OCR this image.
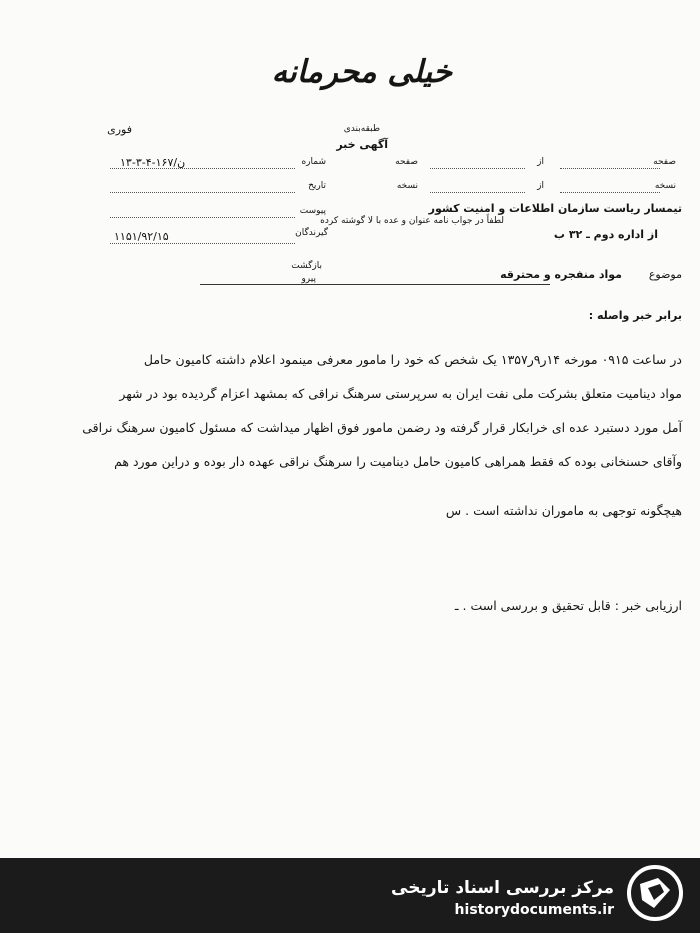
خیلی محرمانه
طبقه‌بندی
فوری
آگهی خبر
صفحه
از
صفحه
شماره
ن/۱۶۷-۴-۳-۱۳
نسخه
از
نسخه
تاریخ
تیمسار ریاست سازمان اطلاعات و امنیت کشور
لطفاً در جواب نامه عنوان و عده با لا گوشته کرده
از اداره دوم ـ ۳۲ ب
پیوست
گیرندگان
۱۱۵۱/۹۲/۱۵
بازگشت
پیرو	موضوع
مواد منفجره و محترقه
برابر خبر واصله :
در ساعت ۰۹۱۵ مورخه ۱۴ر۹ر۱۳۵۷ یک شخص که خود را مامور معرفی مینمود اعلام داشته کامیون حامل
مواد دینامیت متعلق بشرکت ملی نفت ایران به سرپرستی سرهنگ نراقی که بمشهد اعزام گردیده بود در شهر
آمل مورد دستبرد عده ای خرابکار قرار گرفته ود رضمن مامور فوق اظهار میداشت که مسئول کامیون سرهنگ نراقی
وآقای حسنخانی بوده که فقط همراهی کامیون حامل دینامیت را سرهنگ نراقی عهده دار بوده و دراین مورد هم
هیچگونه توجهی به ماموران نداشته است . س
ارزیابی خبر : قابل تحقیق و بررسی است . ـ
مرکز بررسی اسناد تاریخی
historydocuments.ir
